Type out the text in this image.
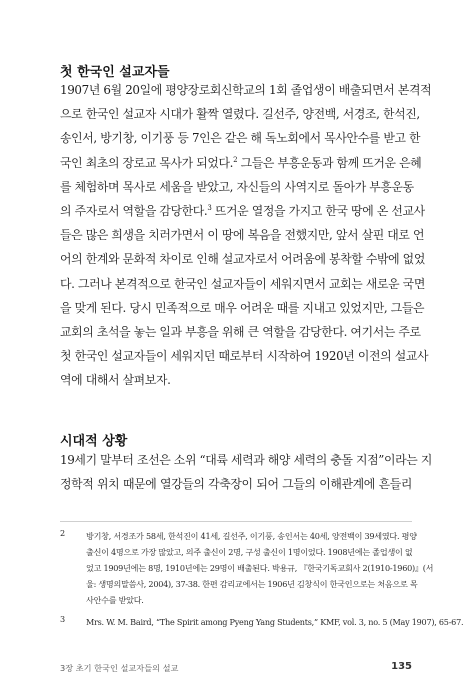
첫 한국인 설교자들
1907년 6월 20일에 평양장로회신학교의 1회 졸업생이 배출되면서 본격적
으로 한국인 설교자 시대가 활짝 열렸다. 길선주, 양전백, 서경조, 한석진,
송인서, 방기창, 이기풍 등 7인은 같은 해 독노회에서 목사안수를 받고 한
국인 최초의 장로교 목사가 되었다.$^2$ 그들은 부흥운동과 함께 뜨거운 은혜
를 체험하며 목사로 세움을 받았고, 자신들의 사역지로 돌아가 부흥운동
의 주자로서 역할을 감당한다.$^3$ 뜨거운 열정을 가지고 한국 땅에 온 선교사
들은 많은 희생을 치러가면서 이 땅에 복음을 전했지만, 앞서 살핀 대로 언
어의 한계와 문화적 차이로 인해 설교자로서 어려움에 봉착할 수밖에 없었
다. 그러나 본격적으로 한국인 설교자들이 세워지면서 교회는 새로운 국면
을 맞게 된다. 당시 민족적으로 매우 어려운 때를 지내고 있었지만, 그들은
교회의 초석을 놓는 일과 부흥을 위해 큰 역할을 감당한다. 여기서는 주로
첫 한국인 설교자들이 세워지던 때로부터 시작하여 1920년 이전의 설교사
역에 대해서 살펴보자.
시대적 상황
19세기 말부터 조선은 소위 “대륙 세력과 해양 세력의 충돌 지점”이라는 지
정학적 위치 때문에 열강들의 각축장이 되어 그들의 이해관계에 흔들리
2	방기창, 서경조가 58세, 한석진이 41세, 길선주, 이기풍, 송인서는 40세, 양전백이 39세였다. 평양
출신이 4명으로 가장 많았고, 의주 출신이 2명, 구성 출신이 1명이었다. 1908년에는 졸업생이 없
었고 1909년에는 8명, 1910년에는 29명이 배출된다. 박용규, 『한국기독교회사 2(1910-1960)』(서
울: 생명의말씀사, 2004), 37-38. 한편 감리교에서는 1906년 김창식이 한국인으로는 처음으로 목
사안수를 받았다.
3	Mrs. W. M. Baird, “The Spirit among Pyeng Yang Students,” KMF, vol. 3, no. 5 (May 1907), 65-67.
3장 초기 한국인 설교자들의 설교	135
